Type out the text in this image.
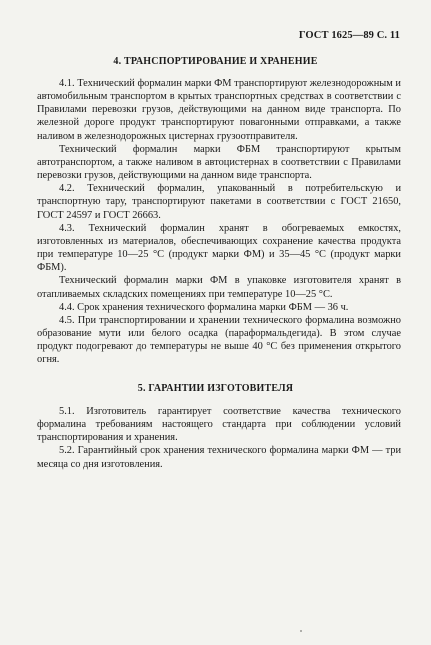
ГОСТ 1625—89 С. 11
4. ТРАНСПОРТИРОВАНИЕ И ХРАНЕНИЕ

4.1. Технический формалин марки ФМ транспортируют железнодорожным и автомобильным транспортом в крытых транспортных средствах в соответствии с Правилами перевозки грузов, действующими на данном виде транспорта. По железной дороге продукт транспортируют повагонными отправками, а также наливом в железнодорожных цистернах грузоотправителя.

Технический формалин марки ФБМ транспортируют крытым автотранспортом, а также наливом в автоцистернах в соответствии с Правилами перевозки грузов, действующими на данном виде транспорта.

4.2. Технический формалин, упакованный в потребительскую и транспортную тару, транспортируют пакетами в соответствии с ГОСТ 21650, ГОСТ 24597 и ГОСТ 26663.

4.3. Технический формалин хранят в обогреваемых емкостях, изготовленных из материалов, обеспечивающих сохранение качества продукта при температуре 10—25 °С (продукт марки ФМ) и 35—45 °С (продукт марки ФБМ).

Технический формалин марки ФМ в упаковке изготовителя хранят в отапливаемых складских помещениях при температуре 10—25 °С.

4.4. Срок хранения технического формалина марки ФБМ — 36 ч.

4.5. При транспортировании и хранении технического формалина возможно образование мути или белого осадка (параформальдегида). В этом случае продукт подогревают до температуры не выше 40 °С без применения открытого огня.

5. ГАРАНТИИ ИЗГОТОВИТЕЛЯ

5.1. Изготовитель гарантирует соответствие качества технического формалина требованиям настоящего стандарта при соблюдении условий транспортирования и хранения.

5.2. Гарантийный срок хранения технического формалина марки ФМ — три месяца со дня изготовления.
